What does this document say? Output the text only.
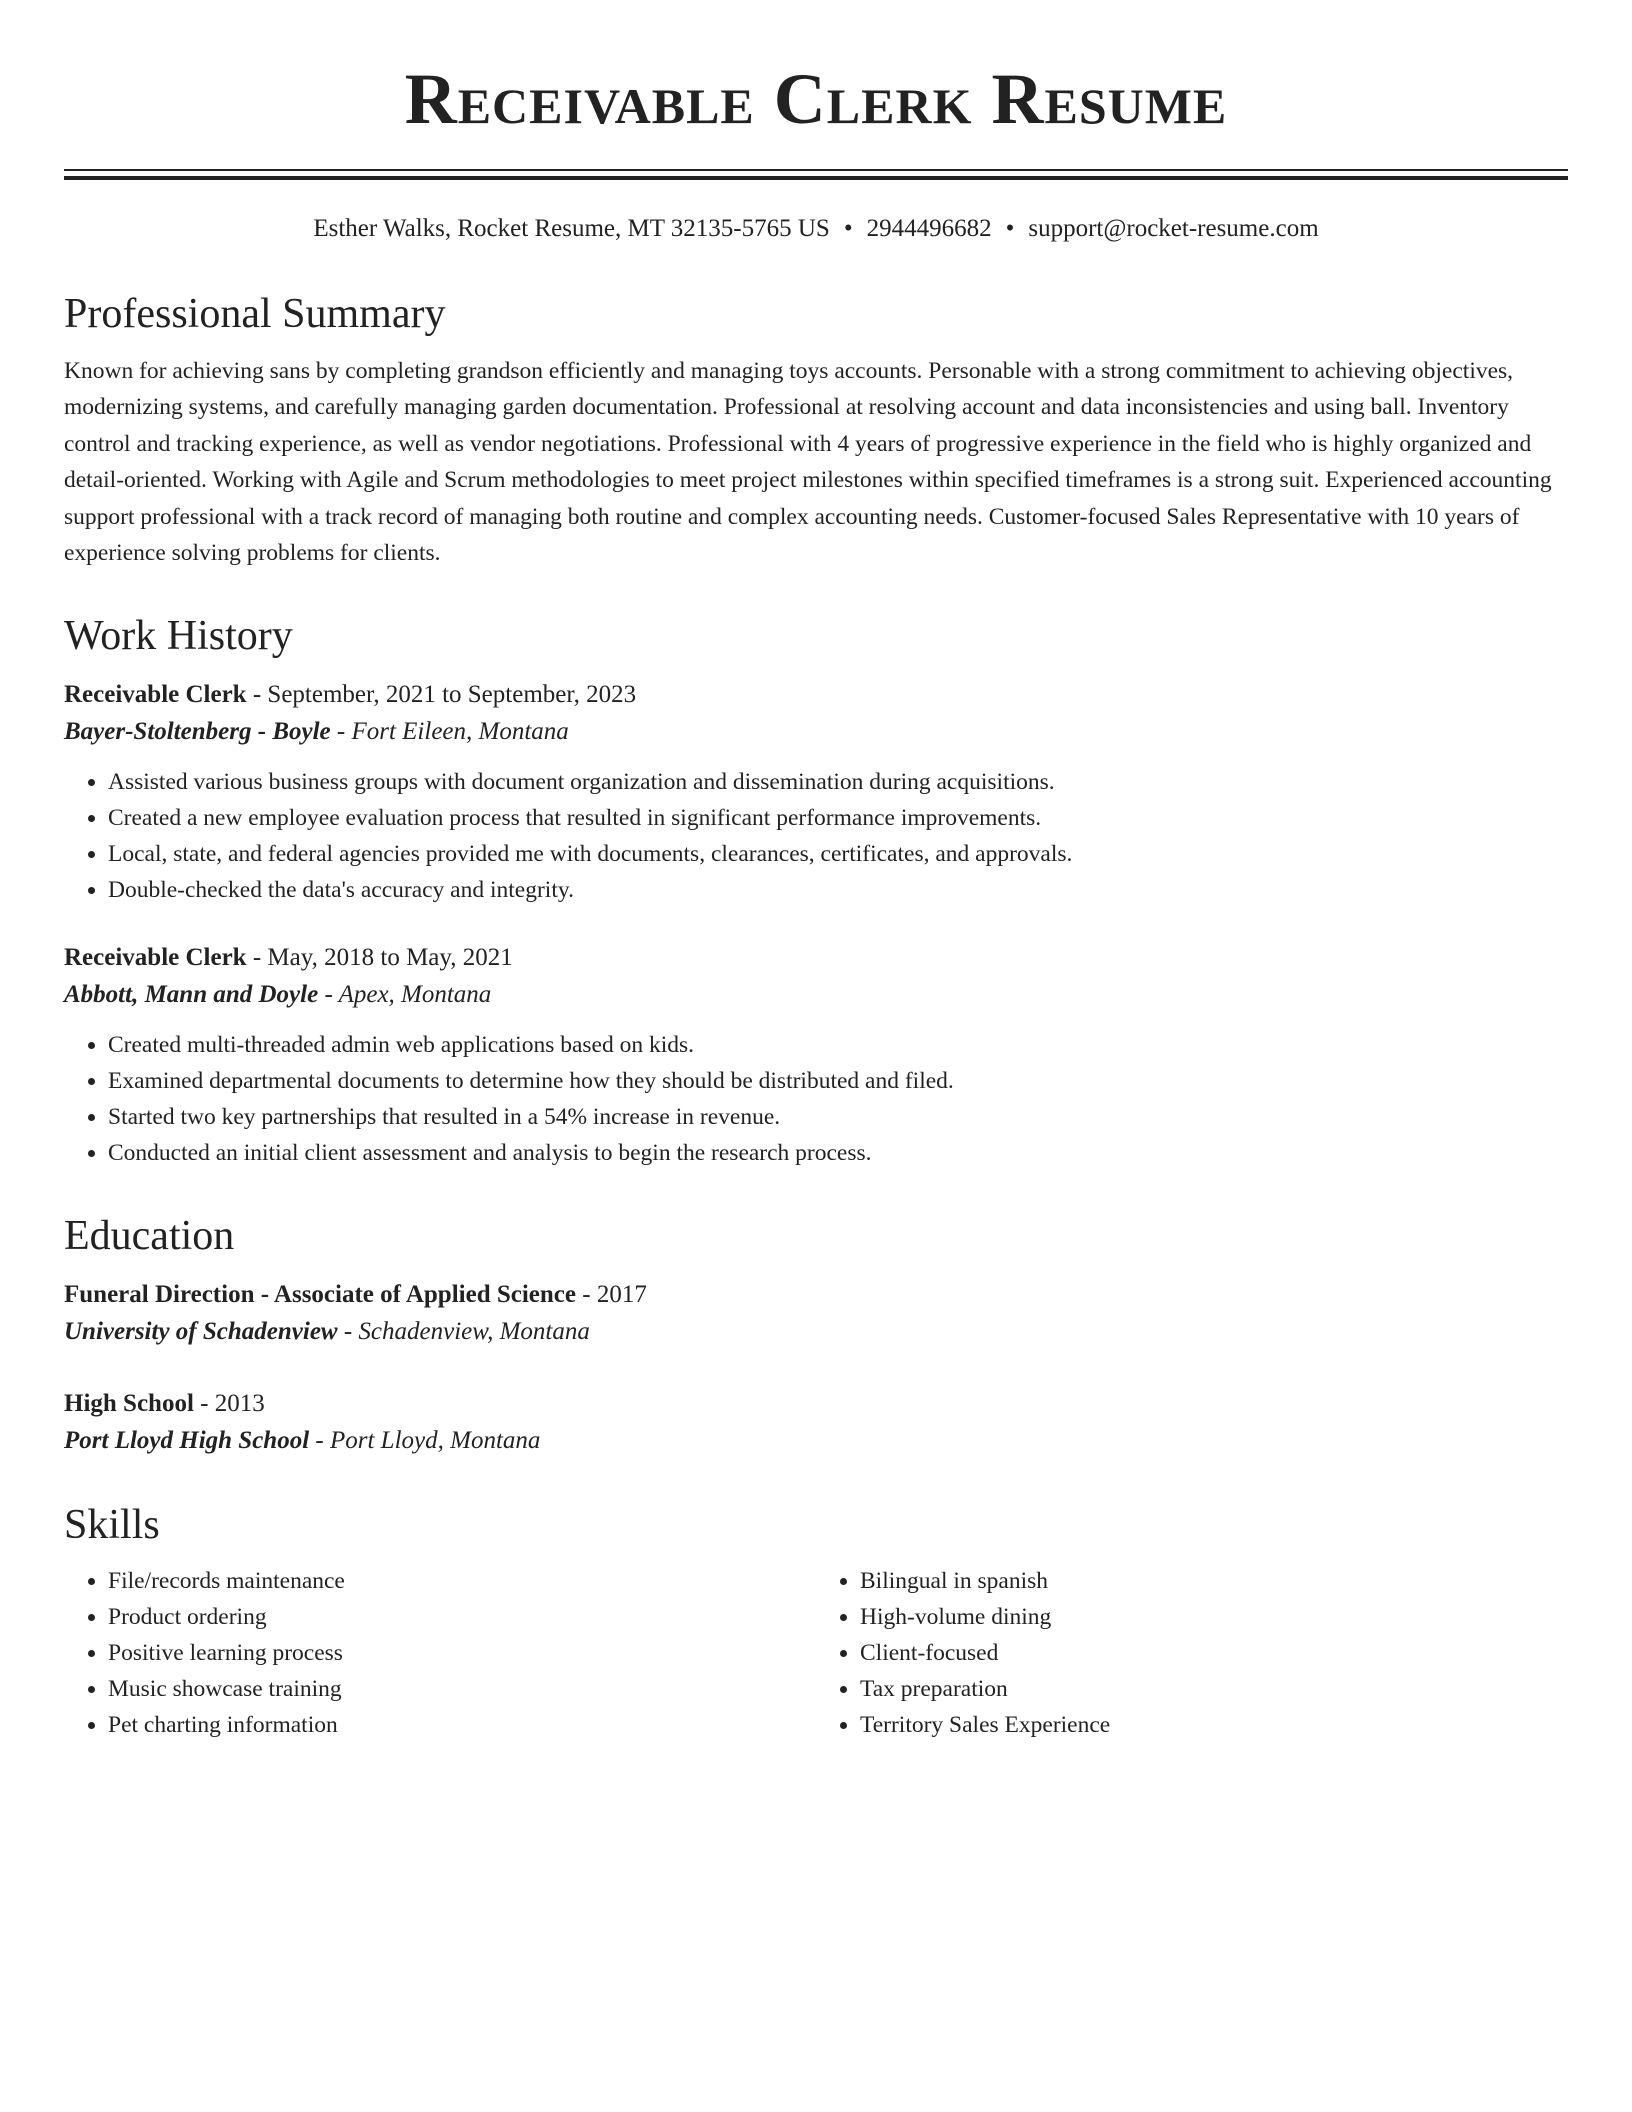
Receivable Clerk Resume
Esther Walks, Rocket Resume, MT 32135-5765 US • 2944496682 • support@rocket-resume.com
Professional Summary

Known for achieving sans by completing grandson efficiently and managing toys accounts. Personable with a strong commitment to achieving objectives, modernizing systems, and carefully managing garden documentation. Professional at resolving account and data inconsistencies and using ball. Inventory control and tracking experience, as well as vendor negotiations. Professional with 4 years of progressive experience in the field who is highly organized and detail-oriented. Working with Agile and Scrum methodologies to meet project milestones within specified timeframes is a strong suit. Experienced accounting support professional with a track record of managing both routine and complex accounting needs. Customer-focused Sales Representative with 10 years of experience solving problems for clients.

Work History
Receivable Clerk - September, 2021 to September, 2023
Bayer-Stoltenberg - Boyle - Fort Eileen, Montana
• Assisted various business groups with document organization and dissemination during acquisitions.
• Created a new employee evaluation process that resulted in significant performance improvements.
• Local, state, and federal agencies provided me with documents, clearances, certificates, and approvals.
• Double-checked the data's accuracy and integrity.
Receivable Clerk - May, 2018 to May, 2021
Abbott, Mann and Doyle - Apex, Montana
• Created multi-threaded admin web applications based on kids.
• Examined departmental documents to determine how they should be distributed and filed.
• Started two key partnerships that resulted in a 54% increase in revenue.
• Conducted an initial client assessment and analysis to begin the research process.
Education
Funeral Direction - Associate of Applied Science - 2017
University of Schadenview - Schadenview, Montana
High School - 2013
Port Lloyd High School - Port Lloyd, Montana
Skills
• File/records maintenance
• Product ordering
• Positive learning process
• Music showcase training
• Pet charting information
• Bilingual in spanish
• High-volume dining
• Client-focused
• Tax preparation
• Territory Sales Experience
